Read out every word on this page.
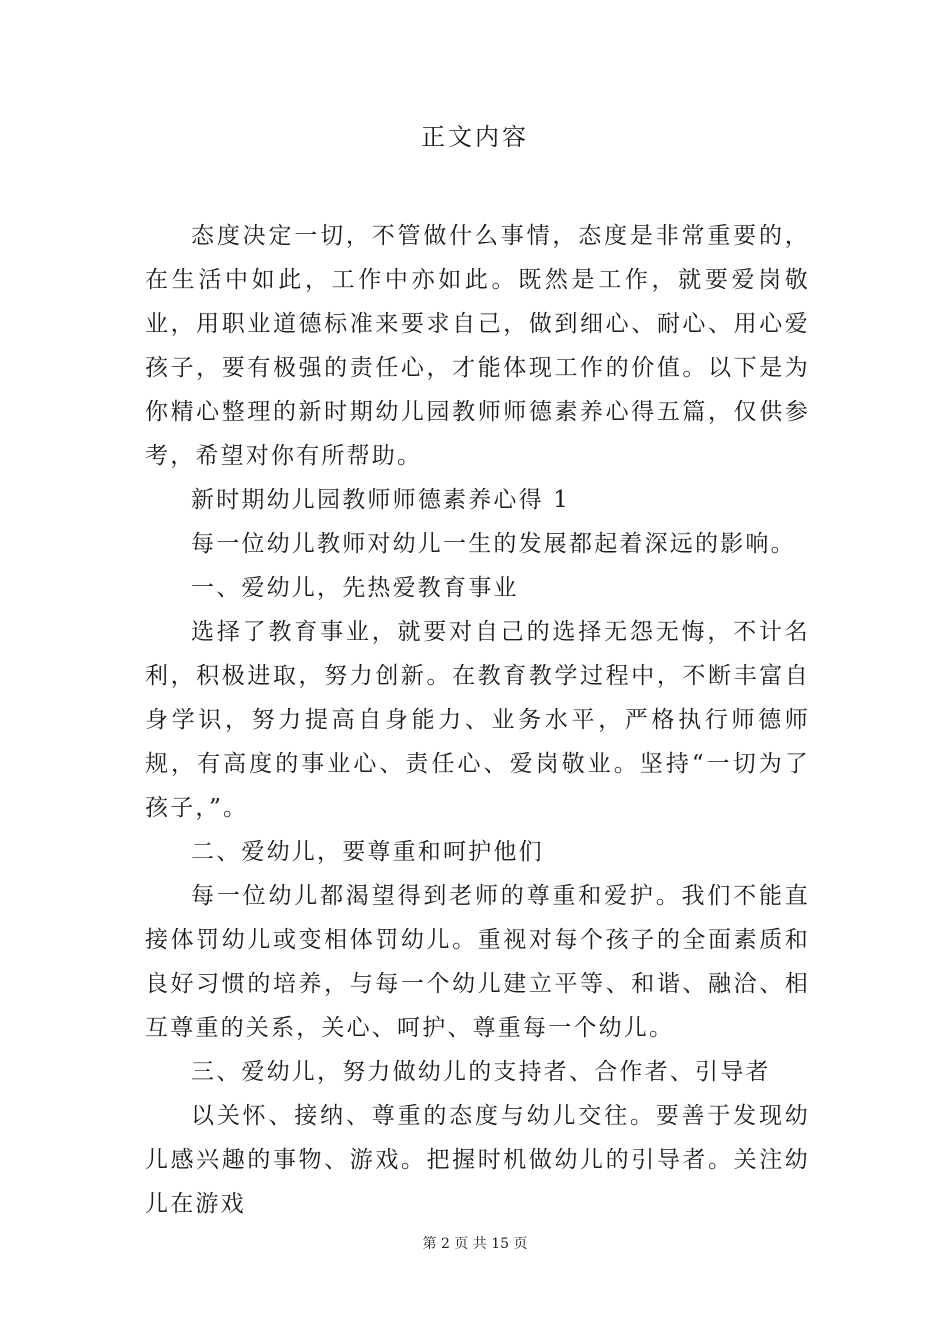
正文内容

态度决定一切，不管做什么事情，态度是非常重要的，在生活中如此，工作中亦如此。既然是工作，就要爱岗敬业，用职业道德标准来要求自己，做到细心、耐心、用心爱孩子，要有极强的责任心，才能体现工作的价值。以下是为你精心整理的新时期幼儿园教师师德素养心得五篇，仅供参考，希望对你有所帮助。

新时期幼儿园教师师德素养心得 1

每一位幼儿教师对幼儿一生的发展都起着深远的影响。

一、爱幼儿，先热爱教育事业

选择了教育事业，就要对自己的选择无怨无悔，不计名利，积极进取，努力创新。在教育教学过程中，不断丰富自身学识，努力提高自身能力、业务水平，严格执行师德师规，有高度的事业心、责任心、爱岗敬业。坚持“一切为了孩子，”。

二、爱幼儿，要尊重和呵护他们

每一位幼儿都渴望得到老师的尊重和爱护。我们不能直接体罚幼儿或变相体罚幼儿。重视对每个孩子的全面素质和良好习惯的培养，与每一个幼儿建立平等、和谐、融洽、相互尊重的关系，关心、呵护、尊重每一个幼儿。

三、爱幼儿，努力做幼儿的支持者、合作者、引导者

以关怀、接纳、尊重的态度与幼儿交往。要善于发现幼儿感兴趣的事物、游戏。把握时机做幼儿的引导者。关注幼儿在游戏

第 2 页 共 15 页
